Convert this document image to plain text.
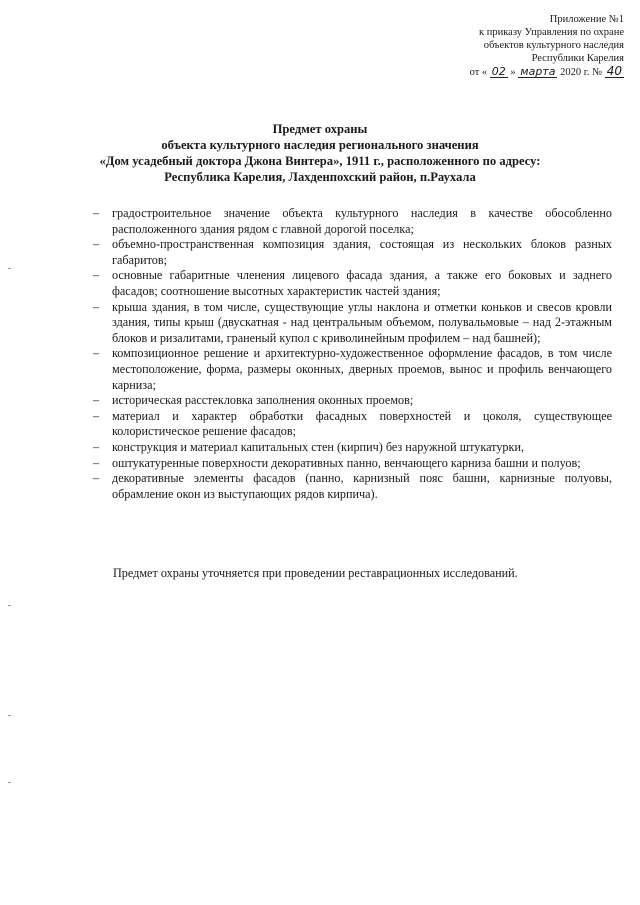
Приложение №1
к приказу Управления по охране
объектов культурного наследия
Республики Карелия
от « 02 » марта 2020 г. № 40
Предмет охраны
объекта культурного наследия регионального значения
«Дом усадебный доктора Джона Винтера», 1911 г., расположенного по адресу:
Республика Карелия, Лахденпохский район, п.Раухала
– градостроительное значение объекта культурного наследия в качестве обособленно расположенного здания рядом с главной дорогой поселка;
– объемно-пространственная композиция здания, состоящая из нескольких блоков разных габаритов;
– основные габаритные членения лицевого фасада здания, а также его боковых и заднего фасадов; соотношение высотных характеристик частей здания;
– крыша здания, в том числе, существующие углы наклона и отметки коньков и свесов кровли здания, типы крыш (двускатная - над центральным объемом, полувальмовые – над 2-этажным блоков и ризалитами, граненый купол с криволинейным профилем – над башней);
– композиционное решение и архитектурно-художественное оформление фасадов, в том числе местоположение, форма, размеры оконных, дверных проемов, вынос и профиль венчающего карниза;
– историческая расстекловка заполнения оконных проемов;
– материал и характер обработки фасадных поверхностей и цоколя, существующее колористическое решение фасадов;
– конструкция и материал капитальных стен (кирпич) без наружной штукатурки,
– оштукатуренные поверхности декоративных панно, венчающего карниза башни и полуов;
– декоративные элементы фасадов (панно, карнизный пояс башни, карнизные полуовы, обрамление окон из выступающих рядов кирпича).
Предмет охраны уточняется при проведении реставрационных исследований.
